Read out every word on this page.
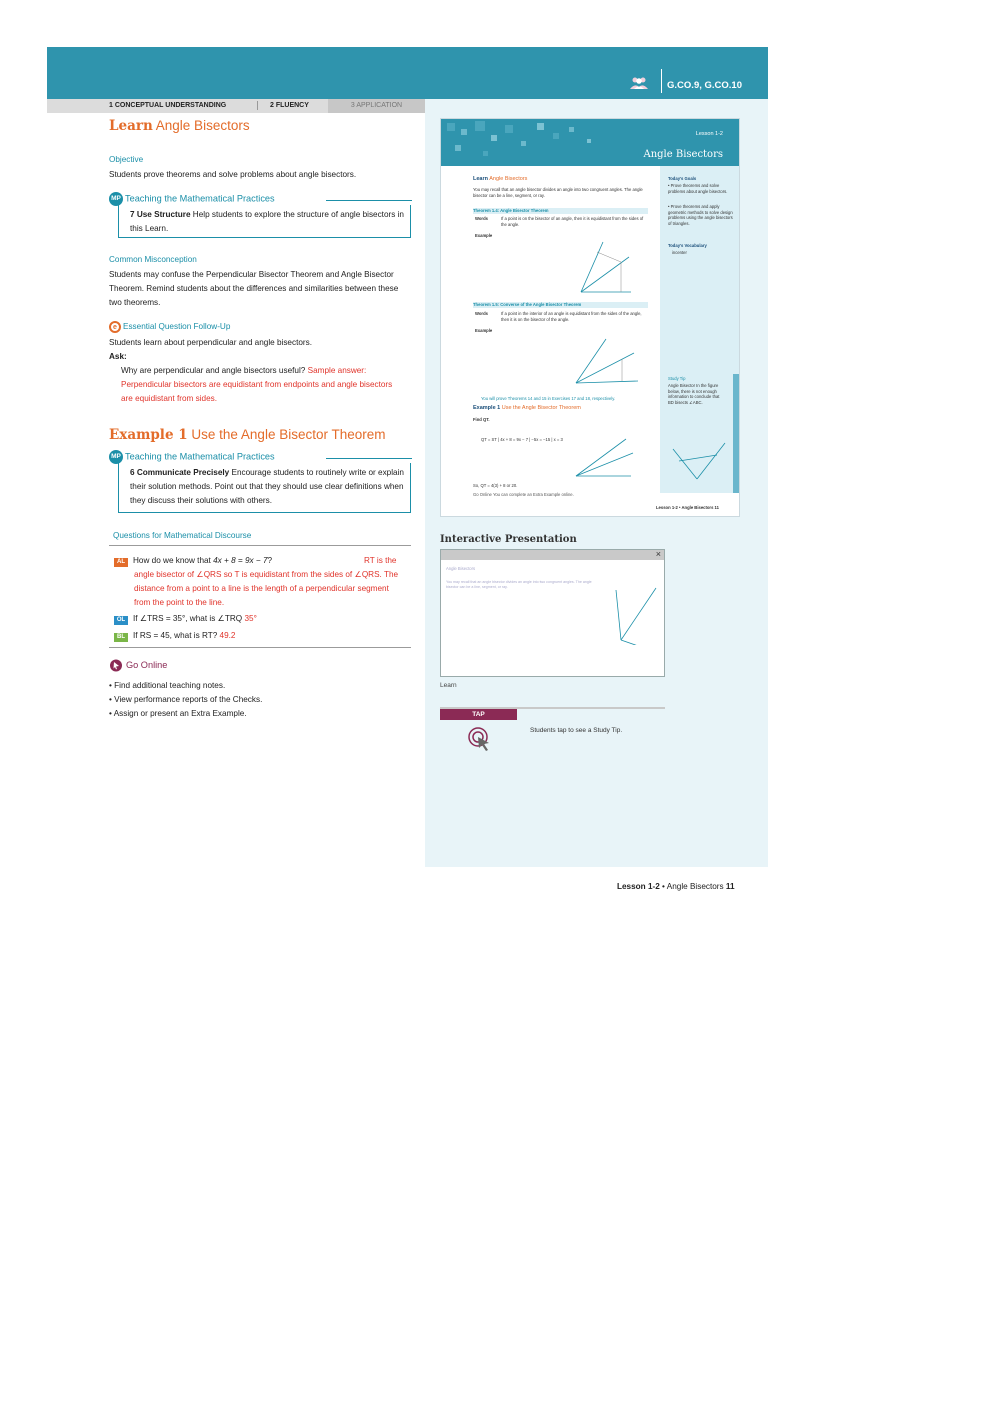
G.CO.9, G.CO.10
1 CONCEPTUAL UNDERSTANDING	2 FLUENCY	3 APPLICATION
Learn Angle Bisectors
Objective
Students prove theorems and solve problems about angle bisectors.
MP Teaching the Mathematical Practices
7 Use Structure Help students to explore the structure of angle bisectors in this Learn.
Common Misconception
Students may confuse the Perpendicular Bisector Theorem and Angle Bisector Theorem. Remind students about the differences and similarities between these two theorems.
e Essential Question Follow-Up
Students learn about perpendicular and angle bisectors.
Ask:
Why are perpendicular and angle bisectors useful? Sample answer: Perpendicular bisectors are equidistant from endpoints and angle bisectors are equidistant from sides.
Example 1 Use the Angle Bisector Theorem
MP Teaching the Mathematical Practices
6 Communicate Precisely Encourage students to routinely write or explain their solution methods. Point out that they should use clear definitions when they discuss their solutions with others.
Questions for Mathematical Discourse
AL How do we know that 4x + 8 = 9x − 7?	RT is the angle bisector of ∠QRS so T is equidistant from the sides of ∠QRS. The distance from a point to a line is the length of a perpendicular segment from the point to the line.
OL If ∠TRS = 35°, what is ∠TRQ 35°
BL If RS = 45, what is RT? 49.2
Go Online
• Find additional teaching notes.
• View performance reports of the Checks.
• Assign or present an Extra Example.
Lesson 1-2
Angle Bisectors
Learn Angle Bisectors
You may recall that an angle bisector divides an angle into two congruent angles. The angle bisector can be a line, segment, or ray.
Theorem 1.4: Angle Bisector Theorem
Words	If a point is on the bisector of an angle, then it is equidistant from the sides of the angle.
Example
Theorem 1.5: Converse of the Angle Bisector Theorem
Words	If a point in the interior of an angle is equidistant from the sides of the angle, then it is on the bisector of the angle.
Example
You will prove Theorems 14 and 15 in Exercises 17 and 18, respectively.
Example 1 Use the Angle Bisector Theorem
Find QT.
QT = ST | 4x + 8 = 9x − 7 | −5x = −15 | x = 3
So, QT = 4(3) + 8 or 20.
Go Online You can complete an Extra Example online.
Today's Goals
• Prove theorems and solve problems about angle bisectors.
• Prove theorems and apply geometric methods to solve design problems using the angle bisectors of triangles.
Today's Vocabulary
incenter
Study Tip
Angle Bisector In the figure below, there is not enough information to conclude that BD bisects ∠ABC.
Lesson 1-2 • Angle Bisectors 11
Interactive Presentation
×
Angle Bisectors
You may recall that an angle bisector divides an angle into two congruent angles. The angle bisector can be a line, segment, or ray.
Learn
TAP
Students tap to see a Study Tip.
Lesson 1-2 • Angle Bisectors 11
